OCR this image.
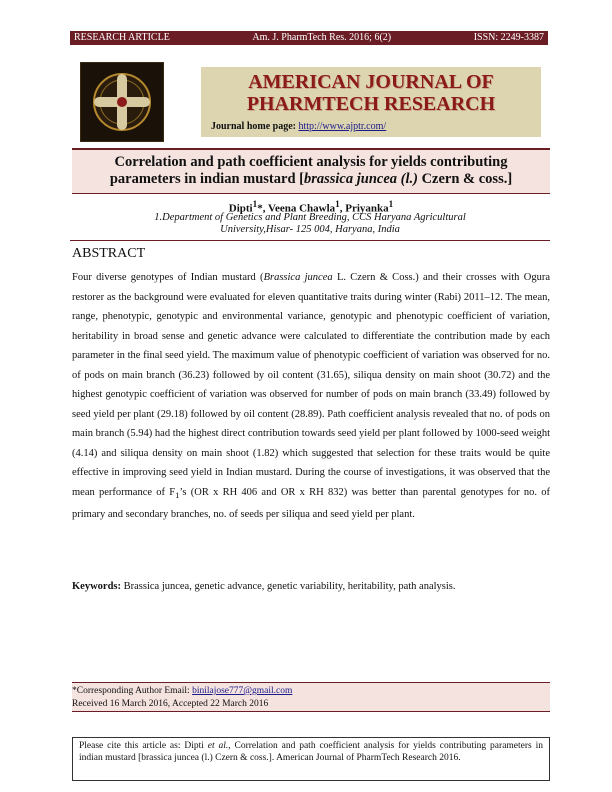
RESEARCH ARTICLE	Am. J. PharmTech Res. 2016; 6(2)	ISSN: 2249-3387
AMERICAN JOURNAL OF
PHARMTECH RESEARCH
Journal home page: http://www.ajptr.com/
Correlation and path coefficient analysis for yields contributing
parameters in indian mustard [brassica juncea (l.) Czern & coss.]
Dipti$^1$*, Veena Chawla$^1$, Priyanka$^1$
1.Department of Genetics and Plant Breeding, CCS Haryana Agricultural
University,Hisar- 125 004, Haryana, India
ABSTRACT
Four diverse genotypes of Indian mustard (Brassica juncea L. Czern & Coss.) and their crosses with Ogura restorer as the background were evaluated for eleven quantitative traits during winter (Rabi) 2011‒12. The mean, range, phenotypic, genotypic and environmental variance, genotypic and phenotypic coefficient of variation, heritability in broad sense and genetic advance were calculated to differentiate the contribution made by each parameter in the final seed yield. The maximum value of phenotypic coefficient of variation was observed for no. of pods on main branch (36.23) followed by oil content (31.65), siliqua density on main shoot (30.72) and the highest genotypic coefficient of variation was observed for number of pods on main branch (33.49) followed by seed yield per plant (29.18) followed by oil content (28.89). Path coefficient analysis revealed that no. of pods on main branch (5.94) had the highest direct contribution towards seed yield per plant followed by 1000-seed weight (4.14) and siliqua density on main shoot (1.82) which suggested that selection for these traits would be quite effective in improving seed yield in Indian mustard. During the course of investigations, it was observed that the mean performance of $F_1’s$ (OR x RH 406 and OR x RH 832) was better than parental genotypes for no. of primary and secondary branches, no. of seeds per siliqua and seed yield per plant.
Keywords: Brassica juncea, genetic advance, genetic variability, heritability, path analysis.
*Corresponding Author Email: binilajose777@gmail.com
Received 16 March 2016, Accepted 22 March 2016
Please cite this article as: Dipti et al., Correlation and path coefficient analysis for yields contributing parameters in indian mustard [brassica juncea (l.) Czern & coss.]. American Journal of PharmTech Research 2016.
